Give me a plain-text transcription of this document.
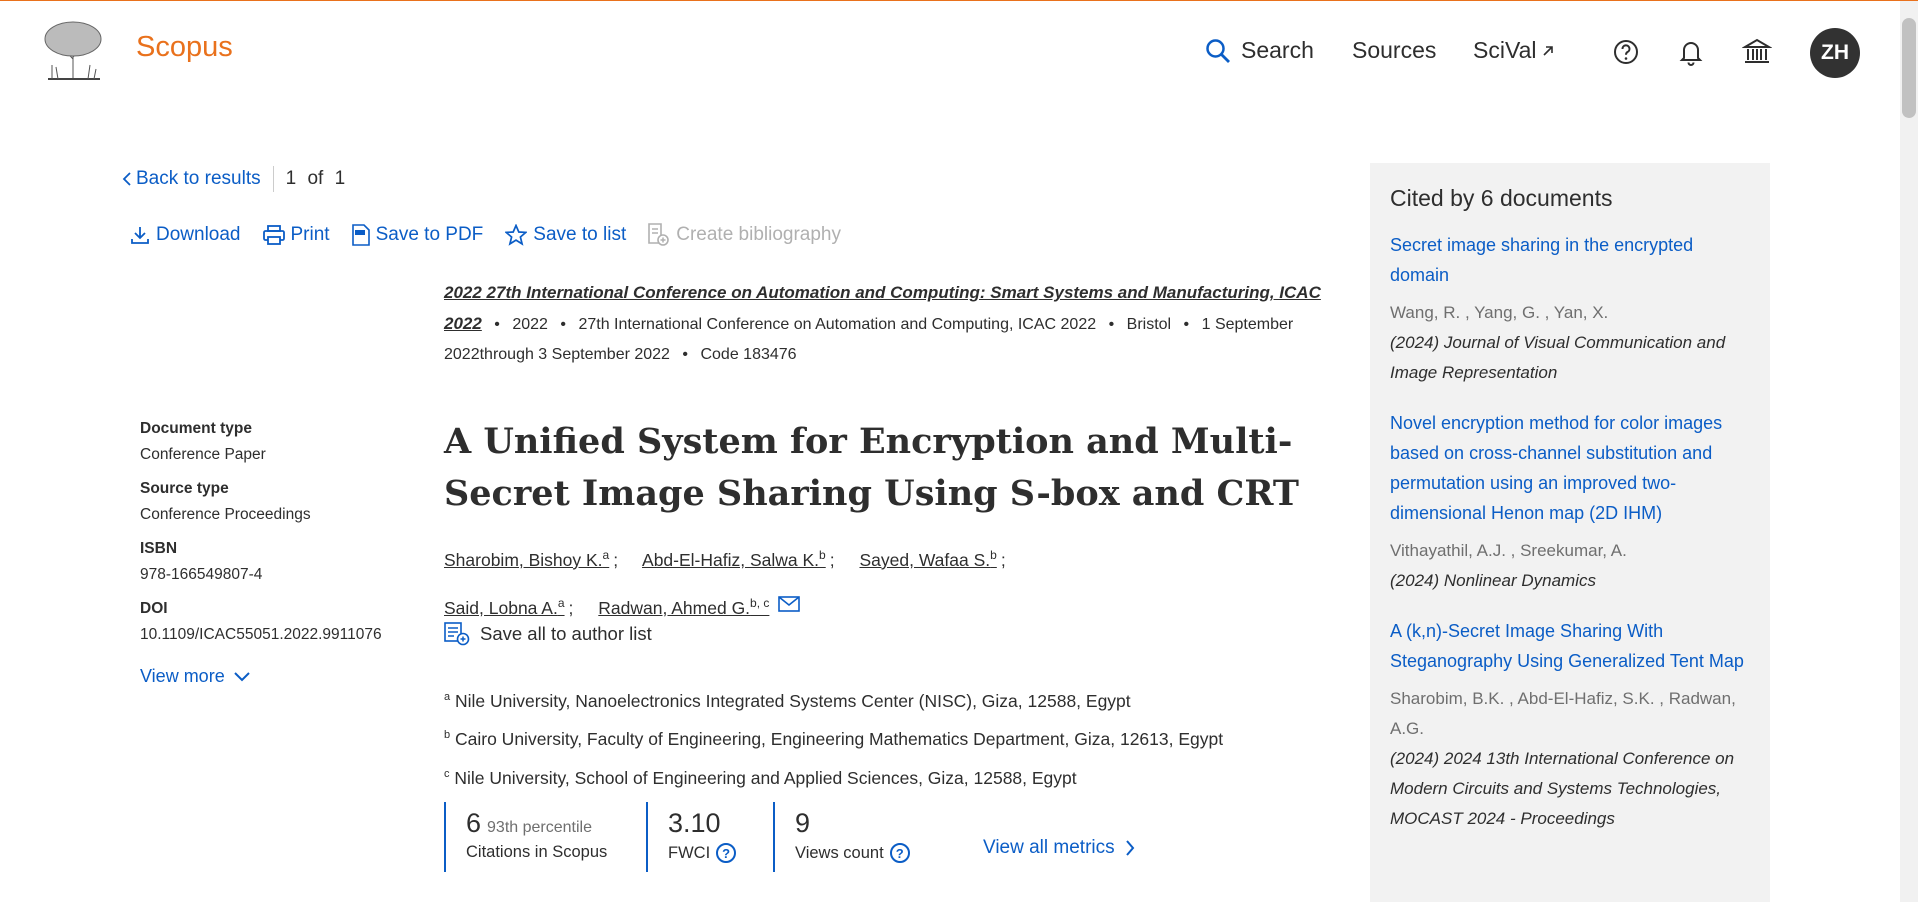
Scopus	Search Sources SciVal	ZH
Back to results 1 of 1
Download	Print Save to PDF	Save to list	Create bibliography
Document type
Conference Paper
Source type
Conference Proceedings
ISBN
978-166549807-4
DOI
10.1109/ICAC55051.2022.9911076
View more
2022 27th International Conference on Automation and Computing: Smart Systems and Manufacturing, ICAC 2022 • 2022 • 27th International Conference on Automation and Computing, ICAC 2022 • Bristol • 1 September 2022through 3 September 2022 • Code 183476
A Unified System for Encryption and Multi-Secret Image Sharing Using S-box and CRT
Sharobim, Bishoy K.$^a$ ; Abd-El-Hafiz, Salwa K.$^b$ ; Sayed, Wafaa S.$^b$ ;
Said, Lobna A.$^a$ ; Radwan, Ahmed G.$^{b, c}$
Save all to author list
$^a$ Nile University, Nanoelectronics Integrated Systems Center (NISC), Giza, 12588, Egypt
$^b$ Cairo University, Faculty of Engineering, Engineering Mathematics Department, Giza, 12613, Egypt
$^c$ Nile University, School of Engineering and Applied Sciences, Giza, 12588, Egypt
6 93th percentile
Citations in Scopus
3.10
FWCI ?
9
Views count ?	View all metrics
Cited by 6 documents
Secret image sharing in the encrypted domain
Wang, R. , Yang, G. , Yan, X.
(2024) Journal of Visual Communication and Image Representation
Novel encryption method for color images based on cross-channel substitution and permutation using an improved two-dimensional Henon map (2D IHM)
Vithayathil, A.J. , Sreekumar, A.
(2024) Nonlinear Dynamics
A (k,n)-Secret Image Sharing With Steganography Using Generalized Tent Map
Sharobim, B.K. , Abd-El-Hafiz, S.K. , Radwan, A.G.
(2024) 2024 13th International Conference on Modern Circuits and Systems Technologies, MOCAST 2024 - Proceedings
